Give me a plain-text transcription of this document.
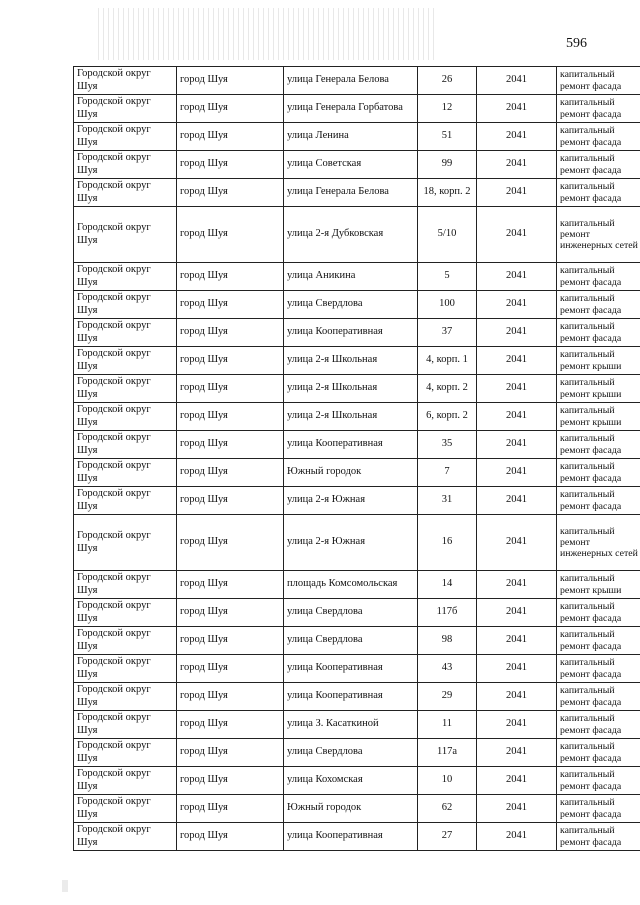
596
Городской округ Шуя	город Шуя	улица Генерала Белова	26	2041	капитальный ремонт фасада
Городской округ Шуя	город Шуя	улица Генерала Горбатова	12	2041	капитальный ремонт фасада
Городской округ Шуя	город Шуя	улица Ленина	51	2041	капитальный ремонт фасада
Городской округ Шуя	город Шуя	улица Советская	99	2041	капитальный ремонт фасада
Городской округ Шуя	город Шуя	улица Генерала Белова	18, корп. 2	2041	капитальный ремонт фасада
Городской округ Шуя	город Шуя	улица 2-я Дубковская	5/10	2041	капитальный ремонт инженерных сетей
Городской округ Шуя	город Шуя	улица Аникина	5	2041	капитальный ремонт фасада
Городской округ Шуя	город Шуя	улица Свердлова	100	2041	капитальный ремонт фасада
Городской округ Шуя	город Шуя	улица Кооперативная	37	2041	капитальный ремонт фасада
Городской округ Шуя	город Шуя	улица 2-я Школьная	4, корп. 1	2041	капитальный ремонт крыши
Городской округ Шуя	город Шуя	улица 2-я Школьная	4, корп. 2	2041	капитальный ремонт крыши
Городской округ Шуя	город Шуя	улица 2-я Школьная	6, корп. 2	2041	капитальный ремонт крыши
Городской округ Шуя	город Шуя	улица Кооперативная	35	2041	капитальный ремонт фасада
Городской округ Шуя	город Шуя	Южный городок	7	2041	капитальный ремонт фасада
Городской округ Шуя	город Шуя	улица 2-я Южная	31	2041	капитальный ремонт фасада
Городской округ Шуя	город Шуя	улица 2-я Южная	16	2041	капитальный ремонт инженерных сетей
Городской округ Шуя	город Шуя	площадь Комсомольская	14	2041	капитальный ремонт крыши
Городской округ Шуя	город Шуя	улица Свердлова	117б	2041	капитальный ремонт фасада
Городской округ Шуя	город Шуя	улица Свердлова	98	2041	капитальный ремонт фасада
Городской округ Шуя	город Шуя	улица Кооперативная	43	2041	капитальный ремонт фасада
Городской округ Шуя	город Шуя	улица Кооперативная	29	2041	капитальный ремонт фасада
Городской округ Шуя	город Шуя	улица З. Касаткиной	11	2041	капитальный ремонт фасада
Городской округ Шуя	город Шуя	улица Свердлова	117а	2041	капитальный ремонт фасада
Городской округ Шуя	город Шуя	улица Кохомская	10	2041	капитальный ремонт фасада
Городской округ Шуя	город Шуя	Южный городок	62	2041	капитальный ремонт фасада
Городской округ Шуя	город Шуя	улица Кооперативная	27	2041	капитальный ремонт фасада
